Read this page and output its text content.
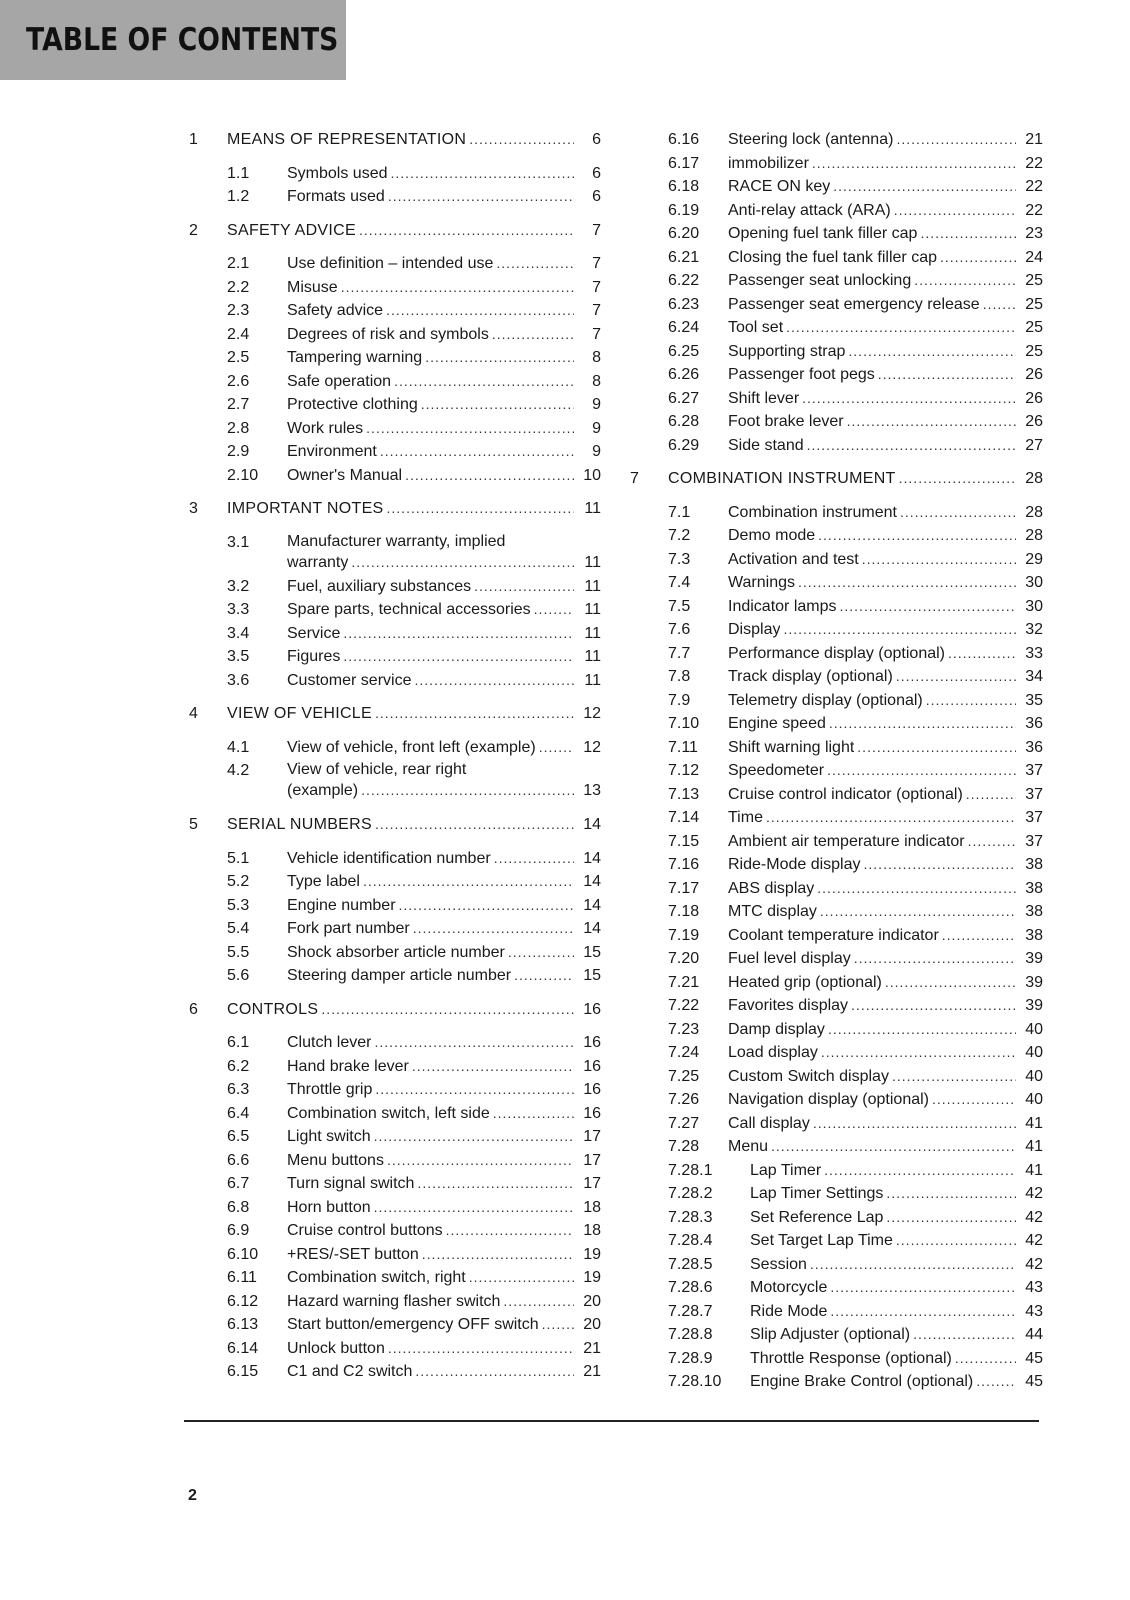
TABLE OF CONTENTS
1	MEANS OF REPRESENTATION .....	6
1.1	Symbols used .....	6
1.2	Formats used .....	6
2	SAFETY ADVICE .....	7
2.1	Use definition – intended use .....	7
2.2	Misuse .....	7
2.3	Safety advice .....	7
2.4	Degrees of risk and symbols .....	7
2.5	Tampering warning .....	8
2.6	Safe operation .....	8
2.7	Protective clothing .....	9
2.8	Work rules .....	9
2.9	Environment .....	9
2.10	Owner's Manual .....	10
3	IMPORTANT NOTES .....	11
3.1	Manufacturer warranty, implied
warranty .....	11
3.2	Fuel, auxiliary substances .....	11
3.3	Spare parts, technical accessories .....	11
3.4	Service .....	11
3.5	Figures .....	11
3.6	Customer service .....	11
4	VIEW OF VEHICLE .....	12
4.1	View of vehicle, front left (example) .....	12
4.2	View of vehicle, rear right
(example) .....	13
5	SERIAL NUMBERS .....	14
5.1	Vehicle identification number .....	14
5.2	Type label .....	14
5.3	Engine number .....	14
5.4	Fork part number .....	14
5.5	Shock absorber article number .....	15
5.6	Steering damper article number .....	15
6	CONTROLS .....	16
6.1	Clutch lever .....	16
6.2	Hand brake lever .....	16
6.3	Throttle grip .....	16
6.4	Combination switch, left side .....	16
6.5	Light switch .....	17
6.6	Menu buttons .....	17
6.7	Turn signal switch .....	17
6.8	Horn button .....	18
6.9	Cruise control buttons .....	18
6.10	+RES/-SET button .....	19
6.11	Combination switch, right .....	19
6.12	Hazard warning flasher switch .....	20
6.13	Start button/emergency OFF switch .....	20
6.14	Unlock button .....	21
6.15	C1 and C2 switch .....	21
6.16	Steering lock (antenna) .....	21
6.17	immobilizer .....	22
6.18	RACE ON key .....	22
6.19	Anti-relay attack (ARA) .....	22
6.20	Opening fuel tank filler cap .....	23
6.21	Closing the fuel tank filler cap .....	24
6.22	Passenger seat unlocking .....	25
6.23	Passenger seat emergency release .....	25
6.24	Tool set .....	25
6.25	Supporting strap .....	25
6.26	Passenger foot pegs .....	26
6.27	Shift lever .....	26
6.28	Foot brake lever .....	26
6.29	Side stand .....	27
7	COMBINATION INSTRUMENT .....	28
7.1	Combination instrument .....	28
7.2	Demo mode .....	28
7.3	Activation and test .....	29
7.4	Warnings .....	30
7.5	Indicator lamps .....	30
7.6	Display .....	32
7.7	Performance display (optional) .....	33
7.8	Track display (optional) .....	34
7.9	Telemetry display (optional) .....	35
7.10	Engine speed .....	36
7.11	Shift warning light .....	36
7.12	Speedometer .....	37
7.13	Cruise control indicator (optional) .....	37
7.14	Time .....	37
7.15	Ambient air temperature indicator .....	37
7.16	Ride-Mode display .....	38
7.17	ABS display .....	38
7.18	MTC display .....	38
7.19	Coolant temperature indicator .....	38
7.20	Fuel level display .....	39
7.21	Heated grip (optional) .....	39
7.22	Favorites display .....	39
7.23	Damp display .....	40
7.24	Load display .....	40
7.25	Custom Switch display .....	40
7.26	Navigation display (optional) .....	40
7.27	Call display .....	41
7.28	Menu .....	41
7.28.1	Lap Timer .....	41
7.28.2	Lap Timer Settings .....	42
7.28.3	Set Reference Lap .....	42
7.28.4	Set Target Lap Time .....	42
7.28.5	Session .....	42
7.28.6	Motorcycle .....	43
7.28.7	Ride Mode .....	43
7.28.8	Slip Adjuster (optional) .....	44
7.28.9	Throttle Response (optional) .....	45
7.28.10	Engine Brake Control (optional) .....	45
2
